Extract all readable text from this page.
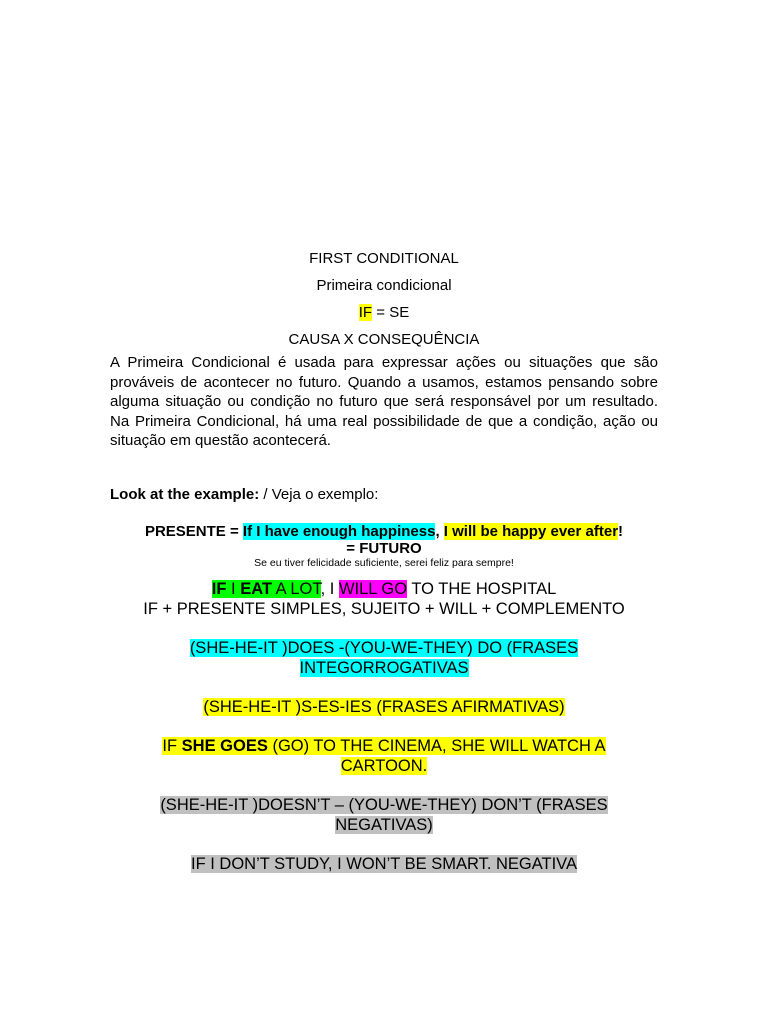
FIRST CONDITIONAL

Primeira condicional

IF = SE

CAUSA X CONSEQUÊNCIA

A Primeira Condicional é usada para expressar ações ou situações que são prováveis de acontecer no futuro. Quando a usamos, estamos pensando sobre alguma situação ou condição no futuro que será responsável por um resultado. Na Primeira Condicional, há uma real possibilidade de que a condição, ação ou situação em questão acontecerá.

Look at the example: / Veja o exemplo:

PRESENTE = If I have enough happiness, I will be happy ever after!

= FUTURO

Se eu tiver felicidade suficiente, serei feliz para sempre!

IF I EAT A LOT, I WILL GO TO THE HOSPITAL

IF + PRESENTE SIMPLES, SUJEITO + WILL + COMPLEMENTO

(SHE-HE-IT )DOES -(YOU-WE-THEY) DO (FRASES

INTEGORROGATIVAS

(SHE-HE-IT )S-ES-IES (FRASES AFIRMATIVAS)

IF SHE GOES (GO) TO THE CINEMA, SHE WILL WATCH A

CARTOON.

(SHE-HE-IT )DOESN’T – (YOU-WE-THEY) DON’T (FRASES

NEGATIVAS)

IF I DON’T STUDY, I WON’T BE SMART. NEGATIVA
